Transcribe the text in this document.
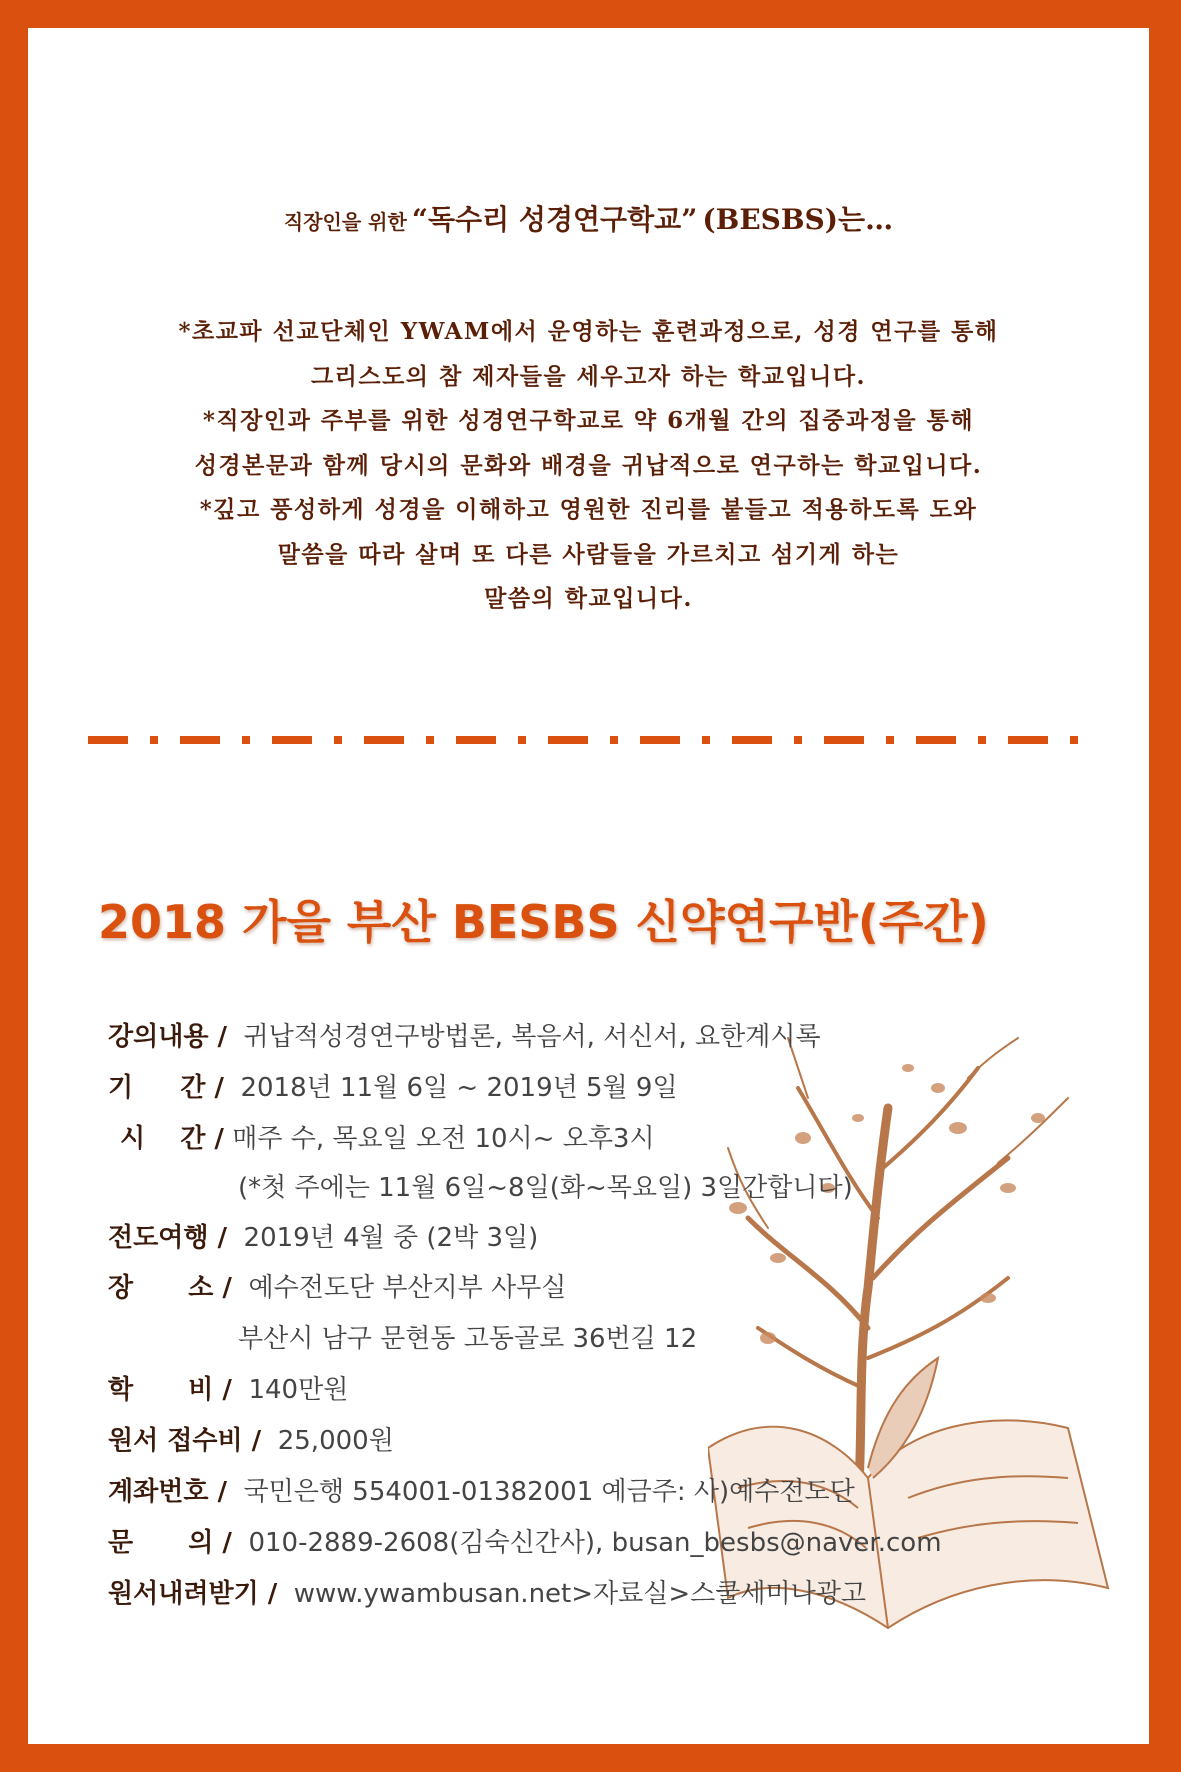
직장인을 위한 “독수리 성경연구학교” (BESBS)는…
*초교파 선교단체인 YWAM에서 운영하는 훈련과정으로, 성경 연구를 통해
그리스도의 참 제자들을 세우고자 하는 학교입니다.
*직장인과 주부를 위한 성경연구학교로 약 6개월 간의 집중과정을 통해
성경본문과 함께 당시의 문화와 배경을 귀납적으로 연구하는 학교입니다.
*깊고 풍성하게 성경을 이해하고 영원한 진리를 붙들고 적용하도록 도와
말씀을 따라 살며 또 다른 사람들을 가르치고 섬기게 하는
말씀의 학교입니다.
2018 가을 부산 BESBS 신약연구반(주간)
강의내용 / 귀납적성경연구방법론, 복음서, 서신서, 요한계시록
기 간 / 2018년 11월 6일 ~ 2019년 5월 9일
시 간 / 매주 수, 목요일 오전 10시~ 오후3시
(*첫 주에는 11월 6일~8일(화~목요일) 3일간합니다)
전도여행 / 2019년 4월 중 (2박 3일)
장 소 / 예수전도단 부산지부 사무실
부산시 남구 문현동 고동골로 36번길 12
학 비 / 140만원
원서 접수비 / 25,000원
계좌번호 / 국민은행 554001-01382001 예금주: 사)예수전도단
문 의 / 010-2889-2608(김숙신간사), busan_besbs@naver.com
원서내려받기 / www.ywambusan.net>자료실>스쿨세미나광고
